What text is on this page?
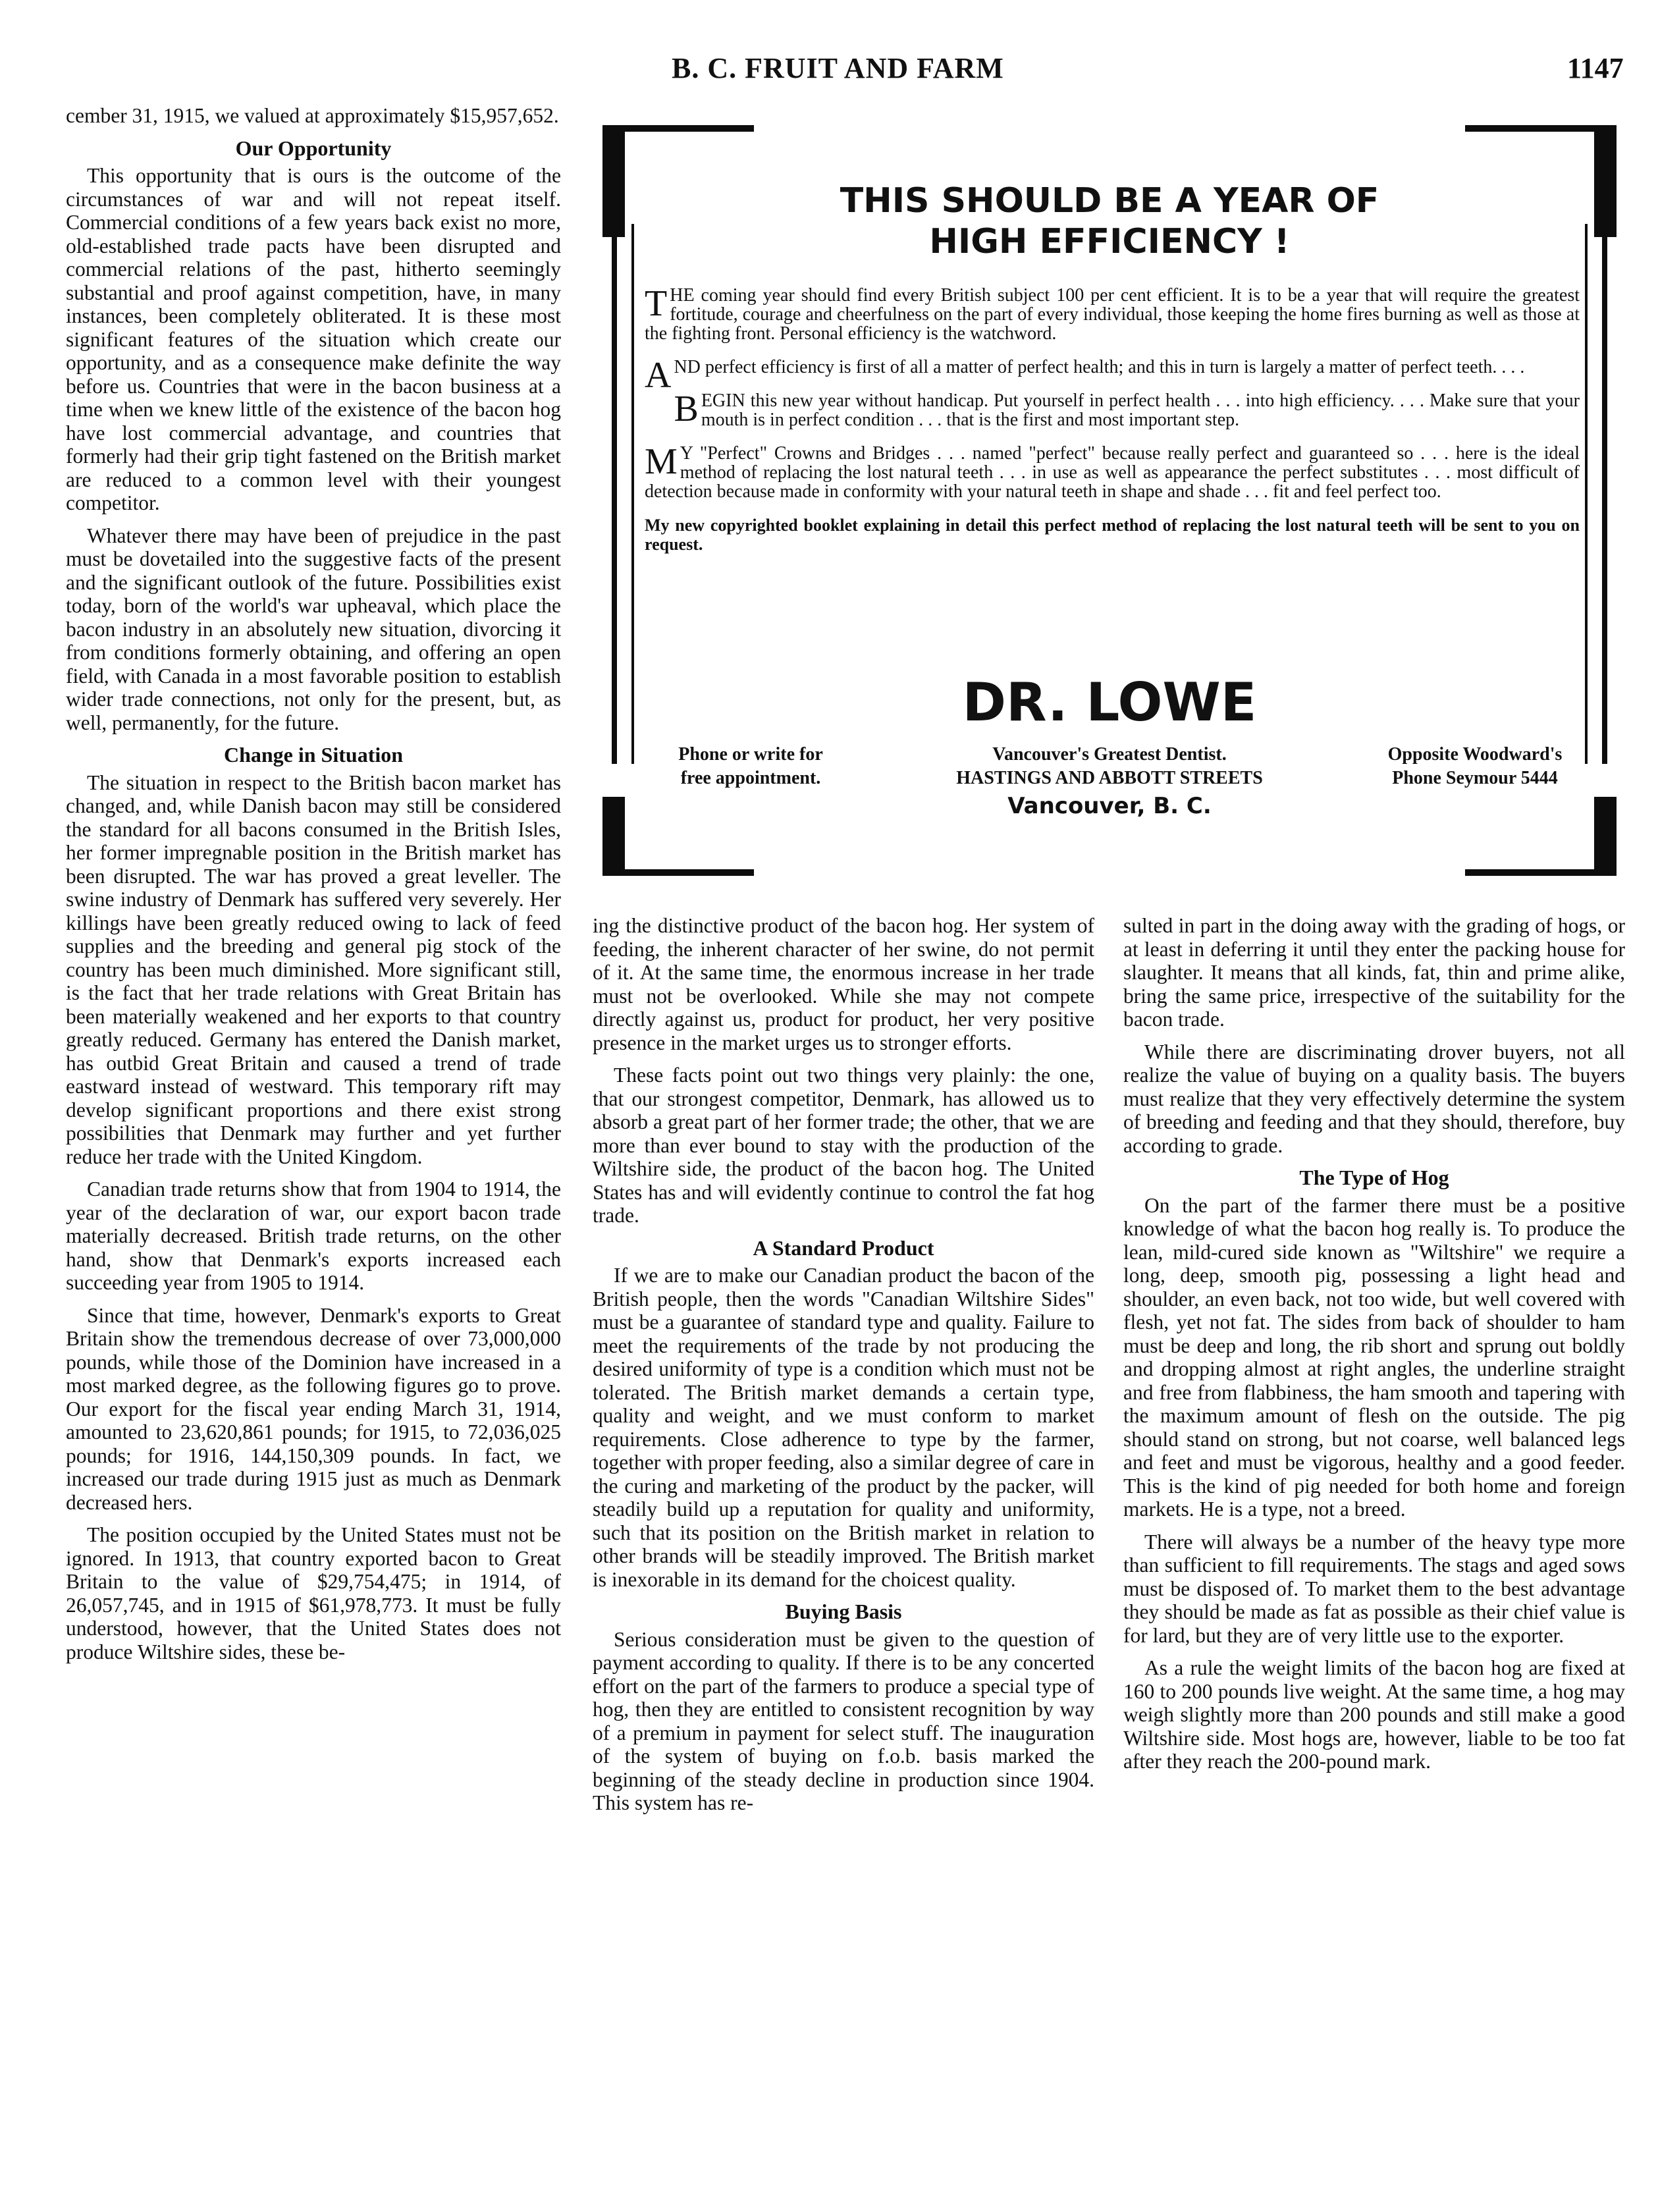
B. C. FRUIT AND FARM	1147
THIS SHOULD BE A YEAR OF
HIGH EFFICIENCY !

THE coming year should find every British subject 100 per cent efficient. It is to be a year that will require the greatest fortitude, courage and cheerfulness on the part of every individual, those keeping the home fires burning as well as those at the fighting front. Personal efficiency is the watchword.

AND perfect efficiency is first of all a matter of perfect health; and this in turn is largely a matter of perfect teeth. . . .

BEGIN this new year without handicap. Put yourself in perfect health . . . into high efficiency. . . . Make sure that your mouth is in perfect condition . . . that is the first and most important step.

M Y "Perfect" Crowns and Bridges . . . named "perfect" because really perfect and guaranteed so . . . here is the ideal method of replacing the lost natural teeth . . . in use as well as appearance the perfect substitutes . . . most difficult of detection because made in conformity with your natural teeth in shape and shade . . . fit and feel perfect too.

My new copyrighted booklet explaining in detail this perfect method of replacing the lost natural teeth will be sent to you on request.

DR. LOWE
Phone or write for
free appointment.
Vancouver's Greatest Dentist.
HASTINGS AND ABBOTT STREETS
Vancouver, B. C.
Opposite Woodward's
Phone Seymour 5444

cember 31, 1915, we valued at approximately $15,957,652.

Our Opportunity

This opportunity that is ours is the outcome of the circumstances of war and will not repeat itself. Commercial conditions of a few years back exist no more, old-established trade pacts have been disrupted and commercial relations of the past, hitherto seemingly substantial and proof against competition, have, in many instances, been completely obliterated. It is these most significant features of the situation which create our opportunity, and as a consequence make definite the way before us. Countries that were in the bacon business at a time when we knew little of the existence of the bacon hog have lost commercial advantage, and countries that formerly had their grip tight fastened on the British market are reduced to a common level with their youngest competitor.

Whatever there may have been of prejudice in the past must be dovetailed into the suggestive facts of the present and the significant outlook of the future. Possibilities exist today, born of the world's war upheaval, which place the bacon industry in an absolutely new situation, divorcing it from conditions formerly obtaining, and offering an open field, with Canada in a most favorable position to establish wider trade connections, not only for the present, but, as well, permanently, for the future.

Change in Situation

The situation in respect to the British bacon market has changed, and, while Danish bacon may still be considered the standard for all bacons consumed in the British Isles, her former impregnable position in the British market has been disrupted. The war has proved a great leveller. The swine industry of Denmark has suffered very severely. Her killings have been greatly reduced owing to lack of feed supplies and the breeding and general pig stock of the country has been much diminished. More significant still, is the fact that her trade relations with Great Britain has been materially weakened and her exports to that country greatly reduced. Germany has entered the Danish market, has outbid Great Britain and caused a trend of trade eastward instead of westward. This temporary rift may develop significant proportions and there exist strong possibilities that Denmark may further and yet further reduce her trade with the United Kingdom.

Canadian trade returns show that from 1904 to 1914, the year of the declaration of war, our export bacon trade materially decreased. British trade returns, on the other hand, show that Denmark's exports increased each succeeding year from 1905 to 1914.

Since that time, however, Denmark's exports to Great Britain show the tremendous decrease of over 73,000,000 pounds, while those of the Dominion have increased in a most marked degree, as the following figures go to prove. Our export for the fiscal year ending March 31, 1914, amounted to 23,620,861 pounds; for 1915, to 72,036,025 pounds; for 1916, 144,150,309 pounds. In fact, we increased our trade during 1915 just as much as Denmark decreased hers.

The position occupied by the United States must not be ignored. In 1913, that country exported bacon to Great Britain to the value of $29,754,475; in 1914, of 26,057,745, and in 1915 of $61,978,773. It must be fully understood, however, that the United States does not produce Wiltshire sides, these be-

ing the distinctive product of the bacon hog. Her system of feeding, the inherent character of her swine, do not permit of it. At the same time, the enormous increase in her trade must not be overlooked. While she may not compete directly against us, product for product, her very positive presence in the market urges us to stronger efforts.

These facts point out two things very plainly: the one, that our strongest competitor, Denmark, has allowed us to absorb a great part of her former trade; the other, that we are more than ever bound to stay with the production of the Wiltshire side, the product of the bacon hog. The United States has and will evidently continue to control the fat hog trade.

A Standard Product

If we are to make our Canadian product the bacon of the British people, then the words "Canadian Wiltshire Sides" must be a guarantee of standard type and quality. Failure to meet the requirements of the trade by not producing the desired uniformity of type is a condition which must not be tolerated. The British market demands a certain type, quality and weight, and we must conform to market requirements. Close adherence to type by the farmer, together with proper feeding, also a similar degree of care in the curing and marketing of the product by the packer, will steadily build up a reputation for quality and uniformity, such that its position on the British market in relation to other brands will be steadily improved. The British market is inexorable in its demand for the choicest quality.

Buying Basis

Serious consideration must be given to the question of payment according to quality. If there is to be any concerted effort on the part of the farmers to produce a special type of hog, then they are entitled to consistent recognition by way of a premium in payment for select stuff. The inauguration of the system of buying on f.o.b. basis marked the beginning of the steady decline in production since 1904. This system has re-

sulted in part in the doing away with the grading of hogs, or at least in deferring it until they enter the packing house for slaughter. It means that all kinds, fat, thin and prime alike, bring the same price, irrespective of the suitability for the bacon trade.

While there are discriminating drover buyers, not all realize the value of buying on a quality basis. The buyers must realize that they very effectively determine the system of breeding and feeding and that they should, therefore, buy according to grade.

The Type of Hog

On the part of the farmer there must be a positive knowledge of what the bacon hog really is. To produce the lean, mild-cured side known as "Wiltshire" we require a long, deep, smooth pig, possessing a light head and shoulder, an even back, not too wide, but well covered with flesh, yet not fat. The sides from back of shoulder to ham must be deep and long, the rib short and sprung out boldly and dropping almost at right angles, the underline straight and free from flabbiness, the ham smooth and tapering with the maximum amount of flesh on the outside. The pig should stand on strong, but not coarse, well balanced legs and feet and must be vigorous, healthy and a good feeder. This is the kind of pig needed for both home and foreign markets. He is a type, not a breed.

There will always be a number of the heavy type more than sufficient to fill requirements. The stags and aged sows must be disposed of. To market them to the best advantage they should be made as fat as possible as their chief value is for lard, but they are of very little use to the exporter.

As a rule the weight limits of the bacon hog are fixed at 160 to 200 pounds live weight. At the same time, a hog may weigh slightly more than 200 pounds and still make a good Wiltshire side. Most hogs are, however, liable to be too fat after they reach the 200-pound mark.
